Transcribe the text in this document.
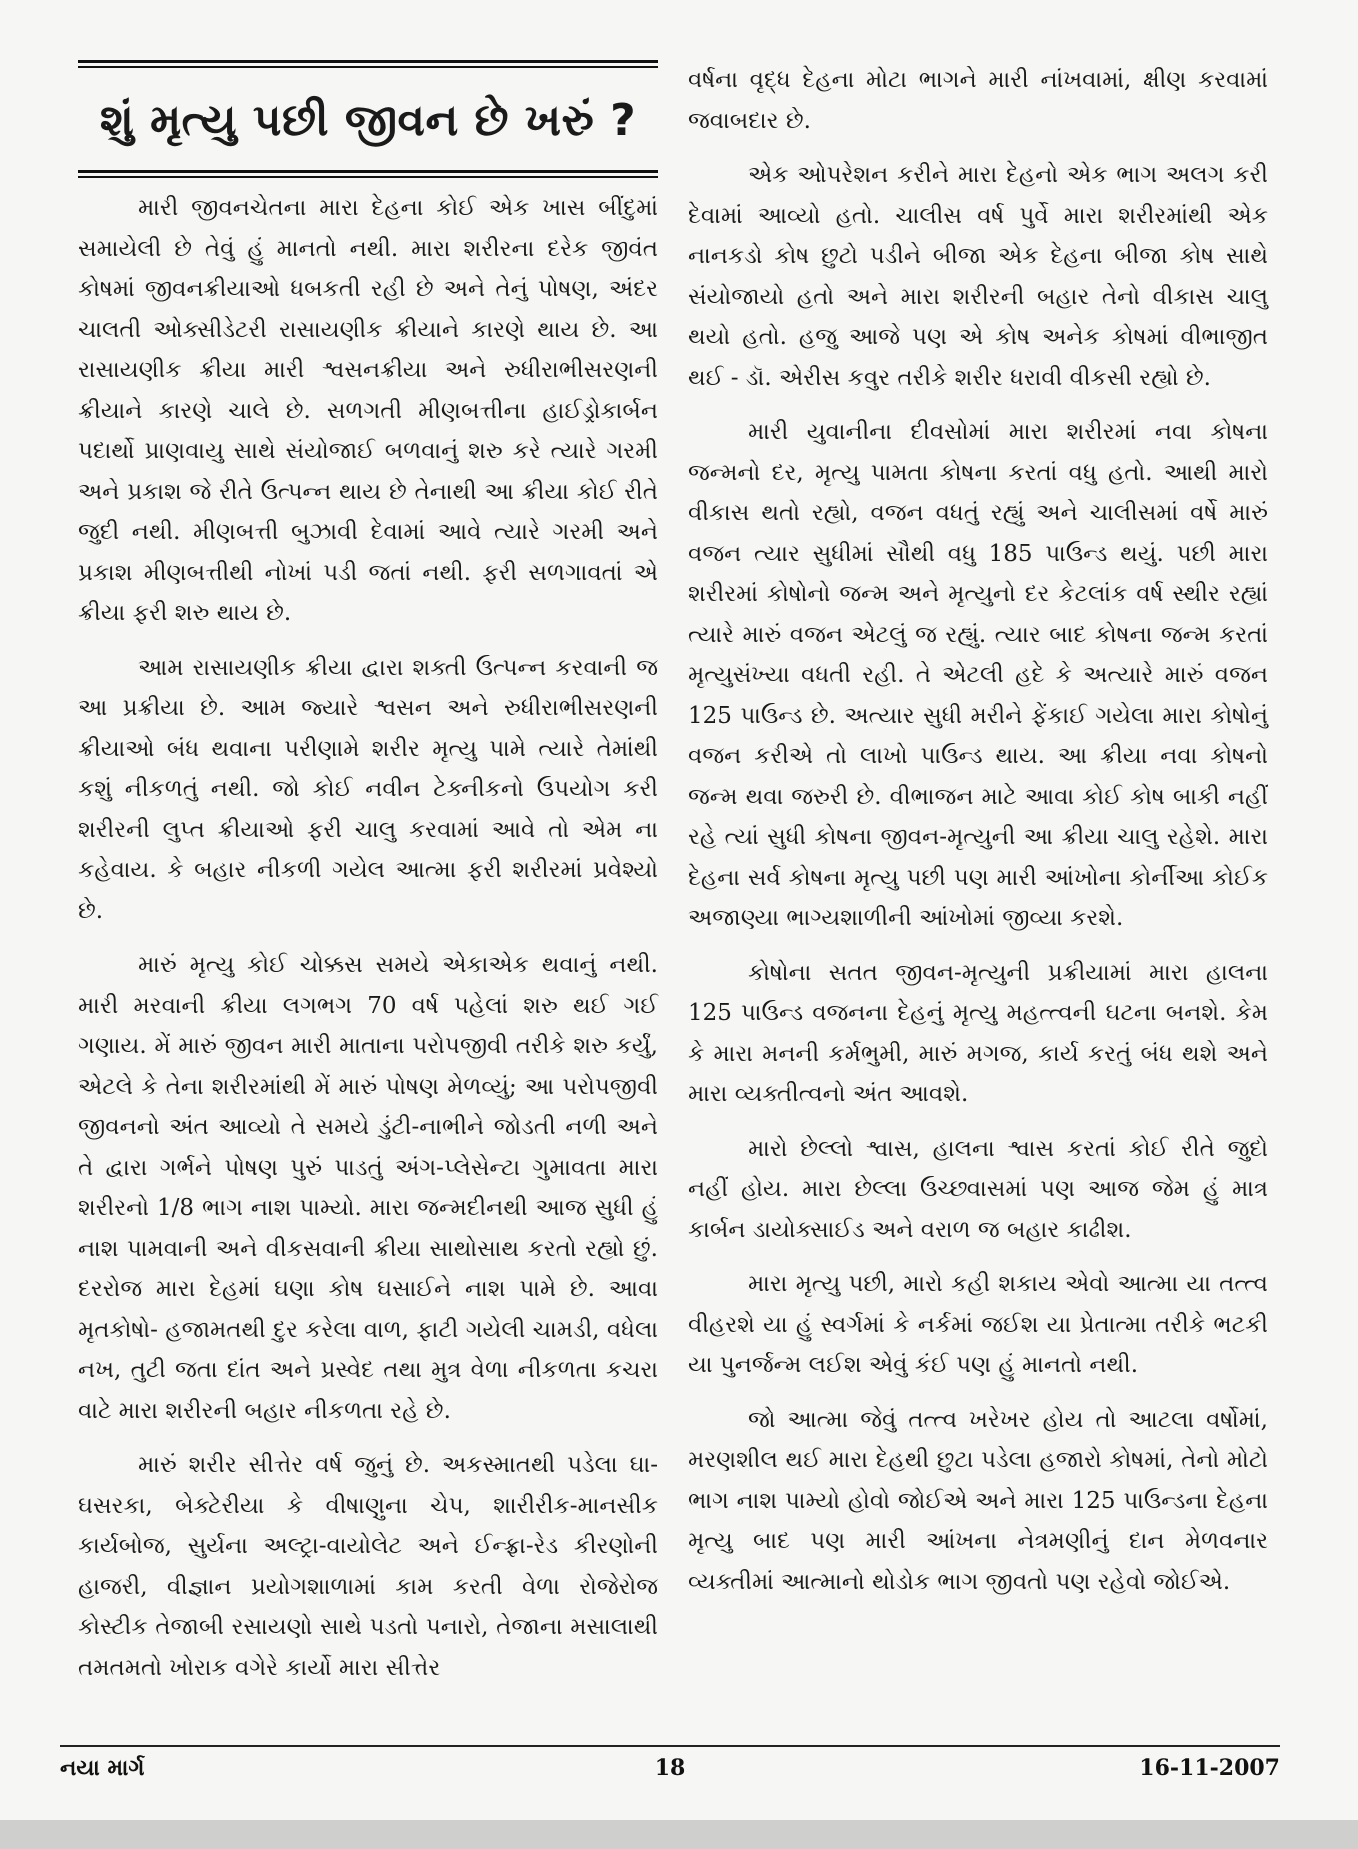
શું મૃત્યુ પછી જીવન છે ખરું ?

મારી જીવનચેતના મારા દેહના કોઈ એક ખાસ બીંદુમાં સમાયેલી છે તેવું હું માનતો નથી. મારા શરીરના દરેક જીવંત કોષમાં જીવનક્રીયાઓ ધબકતી રહી છે અને તેનું પોષણ, અંદર ચાલતી ઓક્સીડેટરી રાસાયણીક ક્રીયાને કારણે થાય છે. આ રાસાયણીક ક્રીયા મારી શ્વસનક્રીયા અને રુધીરાભીસરણની ક્રીયાને કારણે ચાલે છે. સળગતી મીણબત્તીના હાઈડ્રોકાર્બન પદાર્થો પ્રાણવાયુ સાથે સંયોજાઈ બળવાનું શરુ કરે ત્યારે ગરમી અને પ્રકાશ જે રીતે ઉત્પન્ન થાય છે તેનાથી આ ક્રીયા કોઈ રીતે જુદી નથી. મીણબત્તી બુઝાવી દેવામાં આવે ત્યારે ગરમી અને પ્રકાશ મીણબત્તીથી નોખાં પડી જતાં નથી. ફરી સળગાવતાં એ ક્રીયા ફરી શરુ થાય છે.

આમ રાસાયણીક ક્રીયા દ્વારા શક્તી ઉત્પન્ન કરવાની જ આ પ્રક્રીયા છે. આમ જ્યારે શ્વસન અને રુધીરાભીસરણની ક્રીયાઓ બંધ થવાના પરીણામે શરીર મૃત્યુ પામે ત્યારે તેમાંથી કશું નીકળતું નથી. જો કોઈ નવીન ટેક્નીકનો ઉપયોગ કરી શરીરની લુપ્ત ક્રીયાઓ ફરી ચાલુ કરવામાં આવે તો એમ ના કહેવાય. કે બહાર નીકળી ગયેલ આત્મા ફરી શરીરમાં પ્રવેશ્યો છે.

મારું મૃત્યુ કોઈ ચોક્કસ સમયે એકાએક થવાનું નથી. મારી મરવાની ક્રીયા લગભગ 70 વર્ષ પહેલાં શરુ થઈ ગઈ ગણાય. મેં મારું જીવન મારી માતાના પરોપજીવી તરીકે શરુ કર્યું, એટલે કે તેના શરીરમાંથી મેં મારું પોષણ મેળવ્યું; આ પરોપજીવી જીવનનો અંત આવ્યો તે સમયે ડુંટી-નાભીને જોડતી નળી અને તે દ્વારા ગર્ભને પોષણ પુરું પાડતું અંગ-પ્લેસેન્ટા ગુમાવતા મારા શરીરનો 1/8 ભાગ નાશ પામ્યો. મારા જન્મદીનથી આજ સુધી હું નાશ પામવાની અને વીકસવાની ક્રીયા સાથોસાથ કરતો રહ્યો છું. દરરોજ મારા દેહમાં ઘણા કોષ ઘસાઈને નાશ પામે છે. આવા મૃતકોષો- હજામતથી દુર કરેલા વાળ, ફાટી ગયેલી ચામડી, વધેલા નખ, તુટી જતા દાંત અને પ્રસ્વેદ તથા મુત્ર વેળા નીકળતા કચરા વાટે મારા શરીરની બહાર નીકળતા રહે છે.

મારું શરીર સીત્તેર વર્ષ જુનું છે. અકસ્માતથી પડેલા ઘા-ઘસરકા, બેક્ટેરીયા કે વીષાણુના ચેપ, શારીરીક-માનસીક કાર્યબોજ, સુર્યના અલ્ટ્રા-વાયોલેટ અને ઈન્ફ્રા-રેડ કીરણોની હાજરી, વીજ્ઞાન પ્રયોગશાળામાં કામ કરતી વેળા રોજેરોજ કોસ્ટીક તેજાબી રસાયણો સાથે પડતો પનારો, તેજાના મસાલાથી તમતમતો ખોરાક વગેરે કાર્યો મારા સીત્તેર

વર્ષના વૃદ્ધ દેહના મોટા ભાગને મારી નાંખવામાં, ક્ષીણ કરવામાં જવાબદાર છે.

એક ઓપરેશન કરીને મારા દેહનો એક ભાગ અલગ કરી દેવામાં આવ્યો હતો. ચાલીસ વર્ષ પુર્વે મારા શરીરમાંથી એક નાનકડો કોષ છુટો પડીને બીજા એક દેહના બીજા કોષ સાથે સંયોજાયો હતો અને મારા શરીરની બહાર તેનો વીકાસ ચાલુ થયો હતો. હજુ આજે પણ એ કોષ અનેક કોષમાં વીભાજીત થઈ - ડૉ. એરીસ કવુર તરીકે શરીર ધરાવી વીકસી રહ્યો છે.

મારી યુવાનીના દીવસોમાં મારા શરીરમાં નવા કોષના જન્મનો દર, મૃત્યુ પામતા કોષના કરતાં વધુ હતો. આથી મારો વીકાસ થતો રહ્યો, વજન વધતું રહ્યું અને ચાલીસમાં વર્ષે મારું વજન ત્યાર સુધીમાં સૌથી વધુ 185 પાઉન્ડ થયું. પછી મારા શરીરમાં કોષોનો જન્મ અને મૃત્યુનો દર કેટલાંક વર્ષ સ્થીર રહ્યાં ત્યારે મારું વજન એટલું જ રહ્યું. ત્યાર બાદ કોષના જન્મ કરતાં મૃત્યુસંખ્યા વધતી રહી. તે એટલી હદે કે અત્યારે મારું વજન 125 પાઉન્ડ છે. અત્યાર સુધી મરીને ફેંકાઈ ગયેલા મારા કોષોનું વજન કરીએ તો લાખો પાઉન્ડ થાય. આ ક્રીયા નવા કોષનો જન્મ થવા જરુરી છે. વીભાજન માટે આવા કોઈ કોષ બાકી નહીં રહે ત્યાં સુધી કોષના જીવન-મૃત્યુની આ ક્રીયા ચાલુ રહેશે. મારા દેહના સર્વ કોષના મૃત્યુ પછી પણ મારી આંખોના કોર્નીઆ કોઈક અજાણ્યા ભાગ્યશાળીની આંખોમાં જીવ્યા કરશે.

કોષોના સતત જીવન-મૃત્યુની પ્રક્રીયામાં મારા હાલના 125 પાઉન્ડ વજનના દેહનું મૃત્યુ મહત્ત્વની ઘટના બનશે. કેમ કે મારા મનની કર્મભુમી, મારું મગજ, કાર્ય કરતું બંધ થશે અને મારા વ્યક્તીત્વનો અંત આવશે.

મારો છેલ્લો શ્વાસ, હાલના શ્વાસ કરતાં કોઈ રીતે જુદો નહીં હોય. મારા છેલ્લા ઉચ્છ્વાસમાં પણ આજ જેમ હું માત્ર કાર્બન ડાયોક્સાઈડ અને વરાળ જ બહાર કાઢીશ.

મારા મૃત્યુ પછી, મારો કહી શકાય એવો આત્મા યા તત્ત્વ વીહરશે યા હું સ્વર્ગમાં કે નર્કમાં જઈશ યા પ્રેતાત્મા તરીકે ભટકી યા પુનર્જન્મ લઈશ એવું કંઈ પણ હું માનતો નથી.

જો આત્મા જેવું તત્ત્વ ખરેખર હોય તો આટલા વર્ષોમાં, મરણશીલ થઈ મારા દેહથી છુટા પડેલા હજારો કોષમાં, તેનો મોટો ભાગ નાશ પામ્યો હોવો જોઈએ અને મારા 125 પાઉન્ડના દેહના મૃત્યુ બાદ પણ મારી આંખના નેત્રમણીનું દાન મેળવનાર વ્યક્તીમાં આત્માનો થોડોક ભાગ જીવતો પણ રહેવો જોઈએ.

નયા માર્ગ	18	16-11-2007
